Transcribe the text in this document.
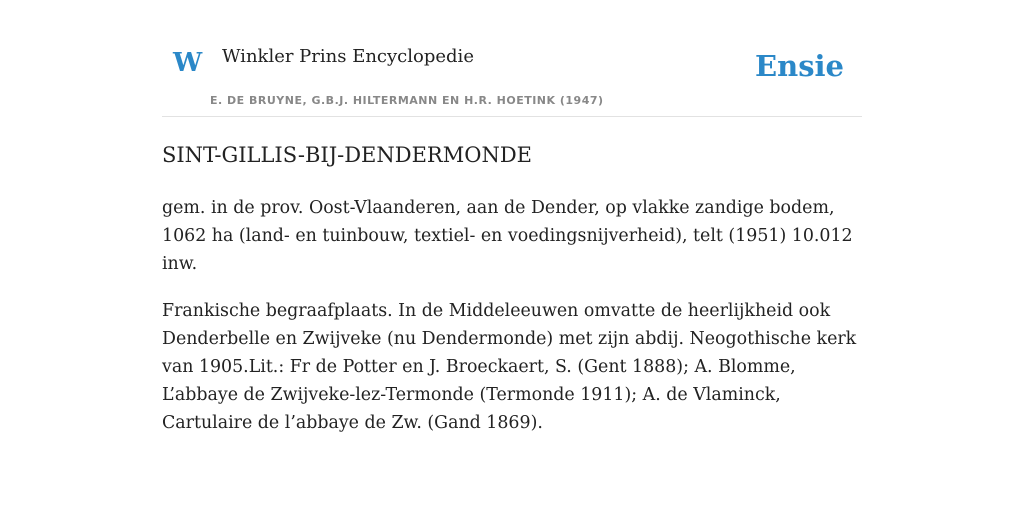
W Winkler Prins Encyclopedie
E. DE BRUYNE, G.B.J. HILTERMANN EN H.R. HOETINK (1947)
Ensie
SINT-GILLIS-BIJ-DENDERMONDE

gem. in de prov. Oost-Vlaanderen, aan de Dender, op vlakke zandige bodem, 1062 ha (land- en tuinbouw, textiel- en voedingsnijverheid), telt (1951) 10.012 inw.

Frankische begraafplaats. In de Middeleeuwen omvatte de heerlijkheid ook Denderbelle en Zwijveke (nu Dendermonde) met zijn abdij. Neogothische kerk van 1905.Lit.: Fr de Potter en J. Broeckaert, S. (Gent 1888); A. Blomme, L’abbaye de Zwijveke-lez-Termonde (Termonde 1911); A. de Vlaminck, Cartulaire de l’abbaye de Zw. (Gand 1869).
